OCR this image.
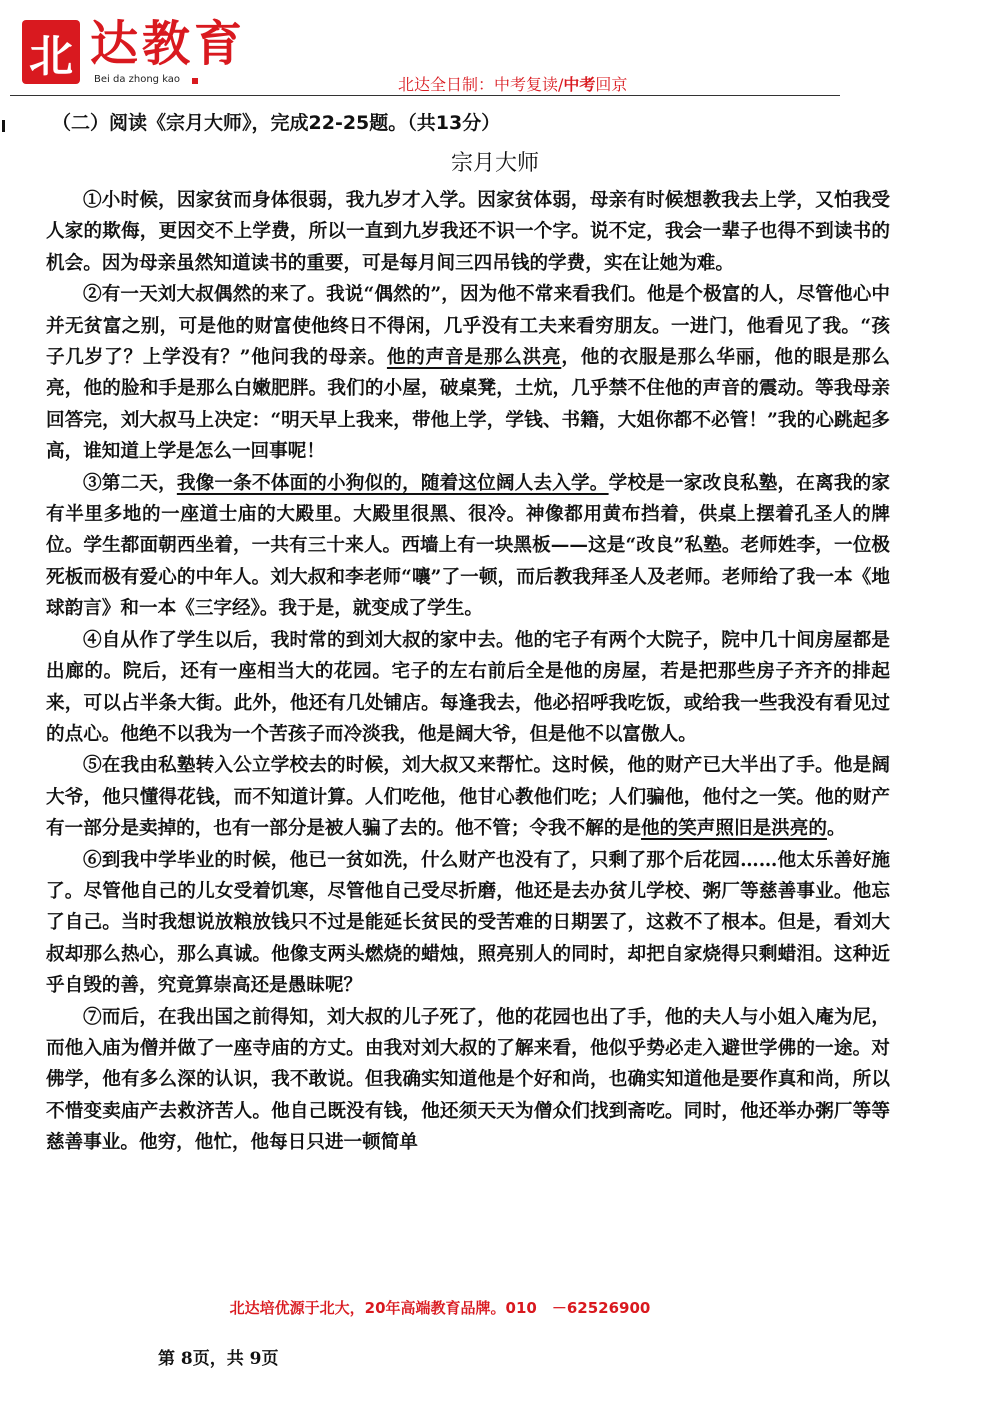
北 达教育
Bei da zhong kao	北达全日制：中考复读/中考回京
（二）阅读《宗月大师》，完成22-25题。（共13分）
宗月大师

①小时候，因家贫而身体很弱，我九岁才入学。因家贫体弱，母亲有时候想教我去上学，又怕我受人家的欺侮，更因交不上学费，所以一直到九岁我还不识一个字。说不定，我会一辈子也得不到读书的机会。因为母亲虽然知道读书的重要，可是每月间三四吊钱的学费，实在让她为难。

②有一天刘大叔偶然的来了。我说“偶然的”，因为他不常来看我们。他是个极富的人，尽管他心中并无贫富之别，可是他的财富使他终日不得闲，几乎没有工夫来看穷朋友。一进门，他看见了我。“孩子几岁了？上学没有？”他问我的母亲。他的声音是那么洪亮，他的衣服是那么华丽，他的眼是那么亮，他的脸和手是那么白嫩肥胖。我们的小屋，破桌凳，土炕，几乎禁不住他的声音的震动。等我母亲回答完，刘大叔马上决定：“明天早上我来，带他上学，学钱、书籍，大姐你都不必管！”我的心跳起多高，谁知道上学是怎么一回事呢！

③第二天，我像一条不体面的小狗似的，随着这位阔人去入学。学校是一家改良私塾，在离我的家有半里多地的一座道士庙的大殿里。大殿里很黑、很冷。神像都用黄布挡着，供桌上摆着孔圣人的牌位。学生都面朝西坐着，一共有三十来人。西墙上有一块黑板——这是“改良”私塾。老师姓李，一位极死板而极有爱心的中年人。刘大叔和李老师“嚷”了一顿，而后教我拜圣人及老师。老师给了我一本《地球韵言》和一本《三字经》。我于是，就变成了学生。

④自从作了学生以后，我时常的到刘大叔的家中去。他的宅子有两个大院子，院中几十间房屋都是出廊的。院后，还有一座相当大的花园。宅子的左右前后全是他的房屋，若是把那些房子齐齐的排起来，可以占半条大街。此外，他还有几处铺店。每逢我去，他必招呼我吃饭，或给我一些我没有看见过的点心。他绝不以我为一个苦孩子而冷淡我，他是阔大爷，但是他不以富傲人。

⑤在我由私塾转入公立学校去的时候，刘大叔又来帮忙。这时候，他的财产已大半出了手。他是阔大爷，他只懂得花钱，而不知道计算。人们吃他，他甘心教他们吃；人们骗他，他付之一笑。他的财产有一部分是卖掉的，也有一部分是被人骗了去的。他不管；令我不解的是他的笑声照旧是洪亮的。

⑥到我中学毕业的时候，他已一贫如洗，什么财产也没有了，只剩了那个后花园……他太乐善好施了。尽管他自己的儿女受着饥寒，尽管他自己受尽折磨，他还是去办贫儿学校、粥厂等慈善事业。他忘了自己。当时我想说放粮放钱只不过是能延长贫民的受苦难的日期罢了，这救不了根本。但是，看刘大叔却那么热心，那么真诚。他像支两头燃烧的蜡烛，照亮别人的同时，却把自家烧得只剩蜡泪。这种近乎自毁的善，究竟算崇高还是愚昧呢？

⑦而后，在我出国之前得知，刘大叔的儿子死了，他的花园也出了手，他的夫人与小姐入庵为尼，而他入庙为僧并做了一座寺庙的方丈。由我对刘大叔的了解来看，他似乎势必走入避世学佛的一途。对佛学，他有多么深的认识，我不敢说。但我确实知道他是个好和尚，也确实知道他是要作真和尚，所以不惜变卖庙产去救济苦人。他自己既没有钱，他还须天天为僧众们找到斋吃。同时，他还举办粥厂等等慈善事业。他穷，他忙，他每日只进一顿简单

北达培优源于北大，20年高端教育品牌。010　－62526900
第 8页，共 9页
